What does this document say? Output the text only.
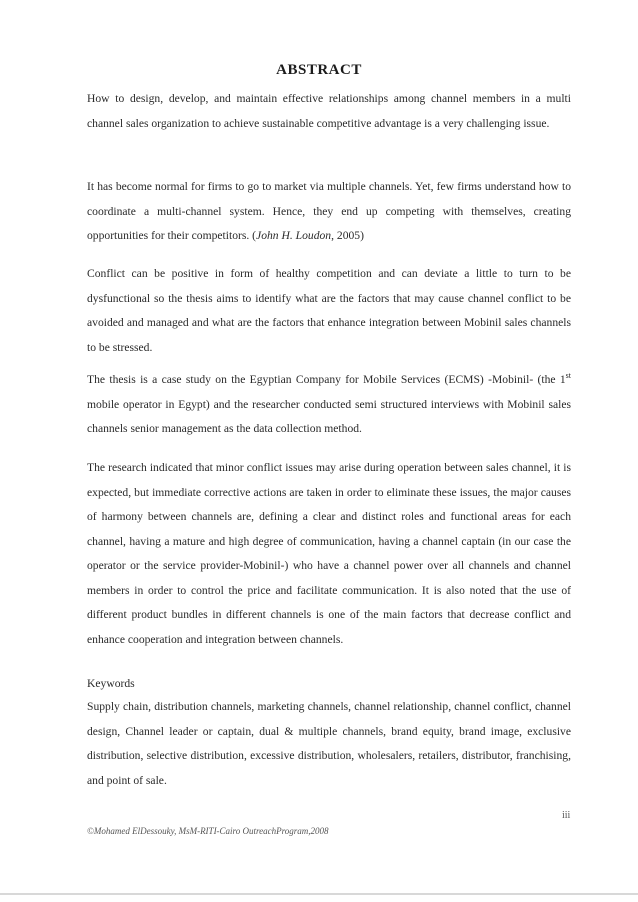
ABSTRACT

How to design, develop, and maintain effective relationships among channel members in a multi channel sales organization to achieve sustainable competitive advantage is a very challenging issue.

It has become normal for firms to go to market via multiple channels. Yet, few firms understand how to coordinate a multi-channel system. Hence, they end up competing with themselves, creating opportunities for their competitors. (John H. Loudon, 2005)

Conflict can be positive in form of healthy competition and can deviate a little to turn to be dysfunctional so the thesis aims to identify what are the factors that may cause channel conflict to be avoided and managed and what are the factors that enhance integration between Mobinil sales channels to be stressed.

The thesis is a case study on the Egyptian Company for Mobile Services (ECMS) -Mobinil- (the 1st mobile operator in Egypt) and the researcher conducted semi structured interviews with Mobinil sales channels senior management as the data collection method.

The research indicated that minor conflict issues may arise during operation between sales channel, it is expected, but immediate corrective actions are taken in order to eliminate these issues, the major causes of harmony between channels are, defining a clear and distinct roles and functional areas for each channel, having a mature and high degree of communication, having a channel captain (in our case the operator or the service provider-Mobinil-) who have a channel power over all channels and channel members in order to control the price and facilitate communication. It is also noted that the use of different product bundles in different channels is one of the main factors that decrease conflict and enhance cooperation and integration between channels.

Keywords

Supply chain, distribution channels, marketing channels, channel relationship, channel conflict, channel design, Channel leader or captain, dual & multiple channels, brand equity, brand image, exclusive distribution, selective distribution, excessive distribution, wholesalers, retailers, distributor, franchising, and point of sale.

iii
©Mohamed ElDessouky, MsM-RITI-Cairo OutreachProgram,2008
